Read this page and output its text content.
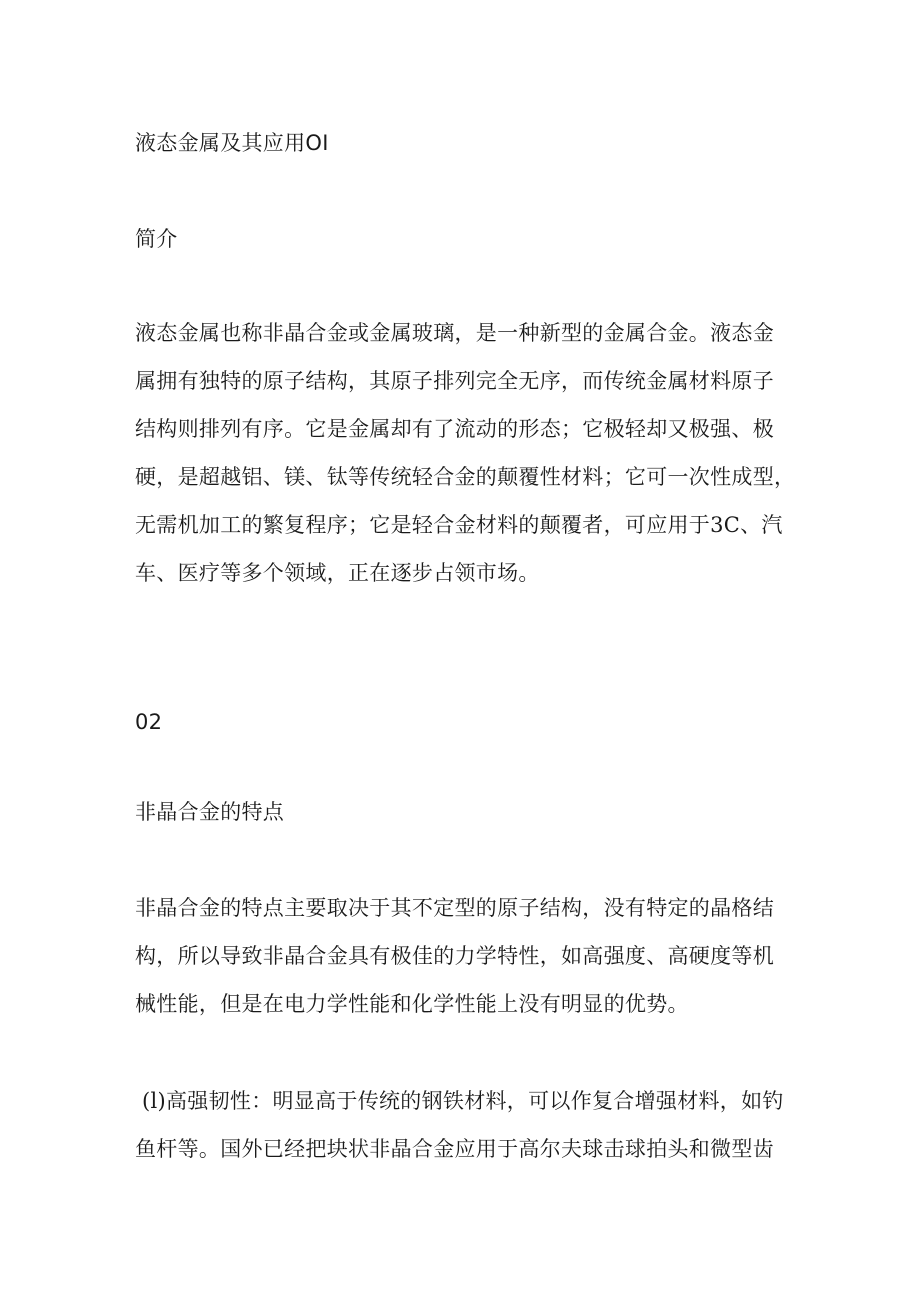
液态金属及其应用OI
简介
液态金属也称非晶合金或金属玻璃，是一种新型的金属合金。液态金
属拥有独特的原子结构，其原子排列完全无序，而传统金属材料原子
结构则排列有序。它是金属却有了流动的形态；它极轻却又极强、极
硬，是超越铝、镁、钛等传统轻合金的颠覆性材料；它可一次性成型，
无需机加工的繁复程序；它是轻合金材料的颠覆者，可应用于3C、汽
车、医疗等多个领域，正在逐步占领市场。
02
非晶合金的特点
非晶合金的特点主要取决于其不定型的原子结构，没有特定的晶格结
构，所以导致非晶合金具有极佳的力学特性，如高强度、高硬度等机
械性能，但是在电力学性能和化学性能上没有明显的优势。
(l)高强韧性：明显高于传统的钢铁材料，可以作复合增强材料，如钓
鱼杆等。国外已经把块状非晶合金应用于高尔夫球击球拍头和微型齿
